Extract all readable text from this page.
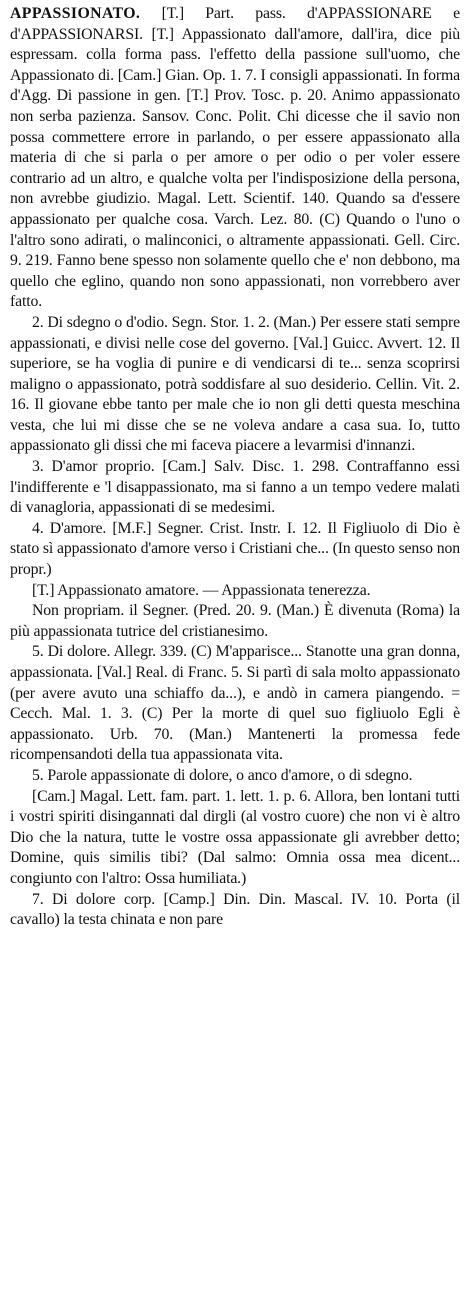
APPASSIONATO. [T.] Part. pass. d'APPASSIONARE e d'APPASSIONARSI. [T.] Appassionato dall'amore, dall'ira, dice più espressam. colla forma pass. l'effetto della passione sull'uomo, che Appassionato di. [Cam.] Gian. Op. 1. 7. I consigli appassionati. In forma d'Agg. Di passione in gen. [T.] Prov. Tosc. p. 20. Animo appassionato non serba pazienza. Sansov. Conc. Polit. Chi dicesse che il savio non possa commettere errore in parlando, o per essere appassionato alla materia di che si parla o per amore o per odio o per voler essere contrario ad un altro, e qualche volta per l'indisposizione della persona, non avrebbe giudizio. Magal. Lett. Scientif. 140. Quando sa d'essere appassionato per qualche cosa. Varch. Lez. 80. (C) Quando o l'uno o l'altro sono adirati, o malinconici, o altramente appassionati. Gell. Circ. 9. 219. Fanno bene spesso non solamente quello che e' non debbono, ma quello che eglino, quando non sono appassionati, non vorrebbero aver fatto.

2. Di sdegno o d'odio. Segn. Stor. 1. 2. (Man.) Per essere stati sempre appassionati, e divisi nelle cose del governo. [Val.] Guicc. Avvert. 12. Il superiore, se ha voglia di punire e di vendicarsi di te... senza scoprirsi maligno o appassionato, potrà soddisfare al suo desiderio. Cellin. Vit. 2. 16. Il giovane ebbe tanto per male che io non gli detti questa meschina vesta, che lui mi disse che se ne voleva andare a casa sua. Io, tutto appassionato gli dissi che mi faceva piacere a levarmisi d'innanzi.

3. D'amor proprio. [Cam.] Salv. Disc. 1. 298. Contraffanno essi l'indifferente e 'l disappassionato, ma si fanno a un tempo vedere malati di vanagloria, appassionati di se medesimi.

4. D'amore. [M.F.] Segner. Crist. Instr. I. 12. Il Figliuolo di Dio è stato sì appassionato d'amore verso i Cristiani che... (In questo senso non propr.)

[T.] Appassionato amatore. — Appassionata tenerezza.

Non propriam. il Segner. (Pred. 20. 9. (Man.) È divenuta (Roma) la più appassionata tutrice del cristianesimo.

5. Di dolore. Allegr. 339. (C) M'apparisce... Stanotte una gran donna, appassionata. [Val.] Real. di Franc. 5. Si partì di sala molto appassionato (per avere avuto una schiaffo da...), e andò in camera piangendo. = Cecch. Mal. 1. 3. (C) Per la morte di quel suo figliuolo Egli è appassionato. Urb. 70. (Man.) Mantenerti la promessa fede ricompensandoti della tua appassionata vita.

5. Parole appassionate di dolore, o anco d'amore, o di sdegno.

[Cam.] Magal. Lett. fam. part. 1. lett. 1. p. 6. Allora, ben lontani tutti i vostri spiriti disingannati dal dirgli (al vostro cuore) che non vi è altro Dio che la natura, tutte le vostre ossa appassionate gli avrebber detto; Domine, quis similis tibi? (Dal salmo: Omnia ossa mea dicent... congiunto con l'altro: Ossa humiliata.)

7. Di dolore corp. [Camp.] Din. Din. Mascal. IV. 10. Porta (il cavallo) la testa chinata e non pare
